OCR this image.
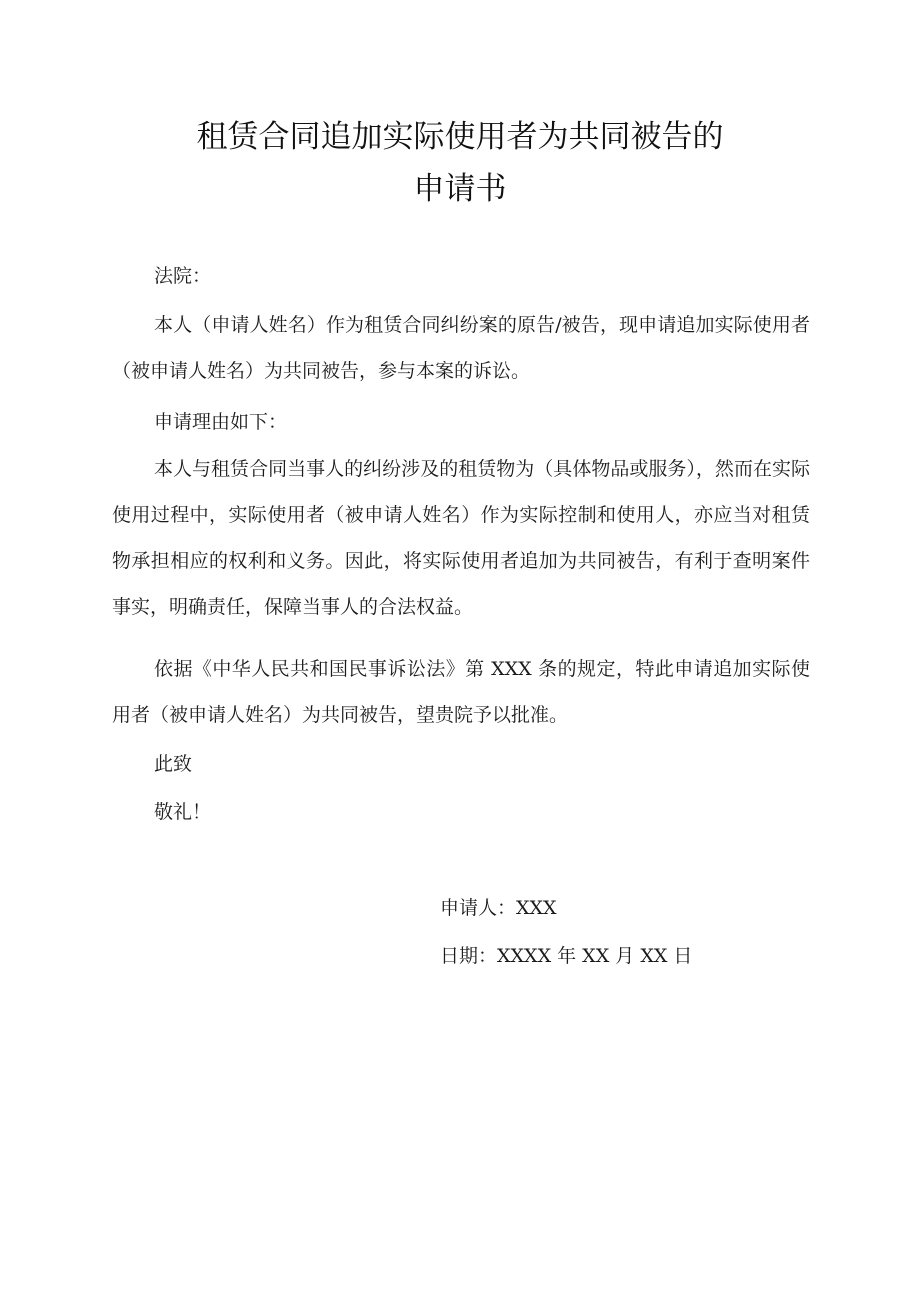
租赁合同追加实际使用者为共同被告的
申请书

法院：

本人（申请人姓名）作为租赁合同纠纷案的原告/被告，现申请追加实际使用者（被申请人姓名）为共同被告，参与本案的诉讼。

申请理由如下：

本人与租赁合同当事人的纠纷涉及的租赁物为（具体物品或服务），然而在实际使用过程中，实际使用者（被申请人姓名）作为实际控制和使用人，亦应当对租赁物承担相应的权利和义务。因此，将实际使用者追加为共同被告，有利于查明案件事实，明确责任，保障当事人的合法权益。

依据《中华人民共和国民事诉讼法》第 XXX 条的规定，特此申请追加实际使用者（被申请人姓名）为共同被告，望贵院予以批准。

此致

敬礼！

申请人：XXX

日期：XXXX 年 XX 月 XX 日
